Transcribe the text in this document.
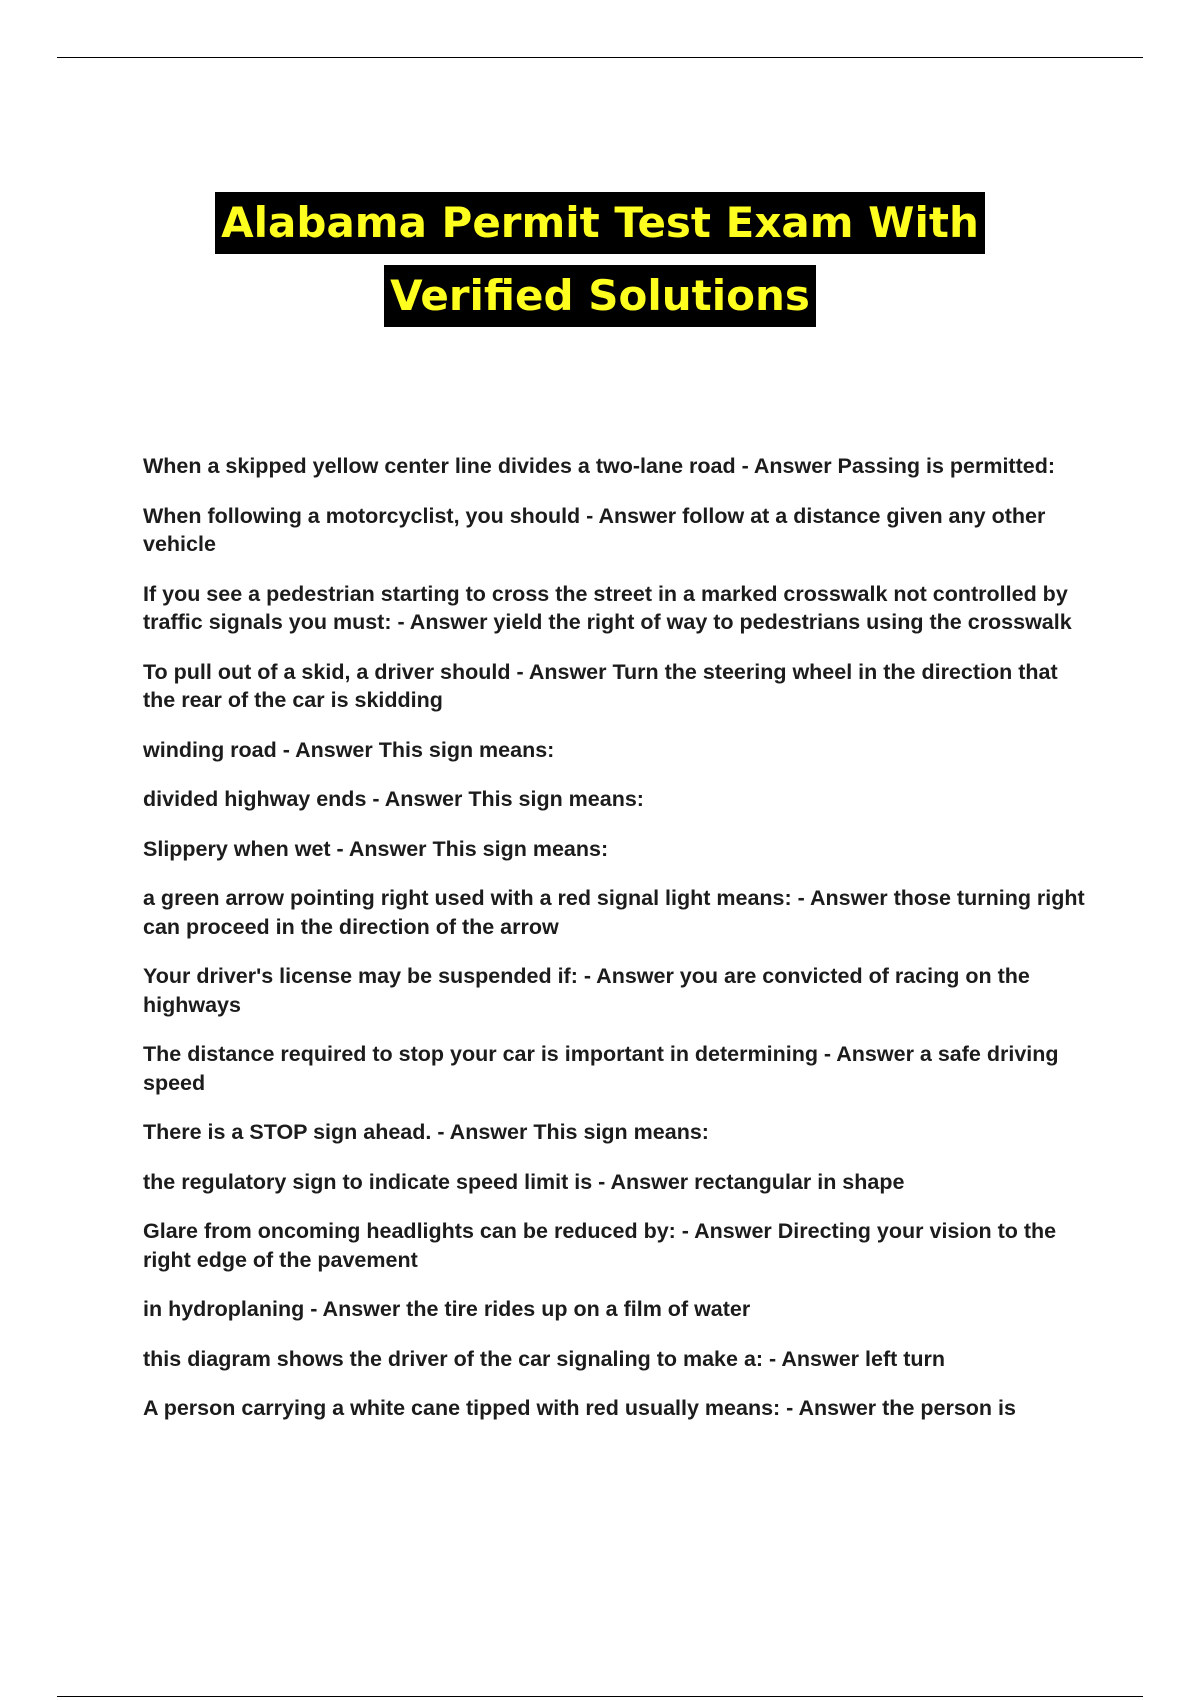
Alabama Permit Test Exam With
Verified Solutions
When a skipped yellow center line divides a two-lane road - Answer Passing is permitted:
When following a motorcyclist, you should - Answer follow at a distance given any other vehicle
If you see a pedestrian starting to cross the street in a marked crosswalk not controlled by traffic signals you must: - Answer yield the right of way to pedestrians using the crosswalk
To pull out of a skid, a driver should - Answer Turn the steering wheel in the direction that the rear of the car is skidding
winding road - Answer This sign means:
divided highway ends - Answer This sign means:
Slippery when wet - Answer This sign means:
a green arrow pointing right used with a red signal light means: - Answer those turning right can proceed in the direction of the arrow
Your driver's license may be suspended if: - Answer you are convicted of racing on the highways
The distance required to stop your car is important in determining - Answer a safe driving speed
There is a STOP sign ahead. - Answer This sign means:
the regulatory sign to indicate speed limit is - Answer rectangular in shape
Glare from oncoming headlights can be reduced by: - Answer Directing your vision to the right edge of the pavement
in hydroplaning - Answer the tire rides up on a film of water
this diagram shows the driver of the car signaling to make a: - Answer left turn
A person carrying a white cane tipped with red usually means: - Answer the person is
